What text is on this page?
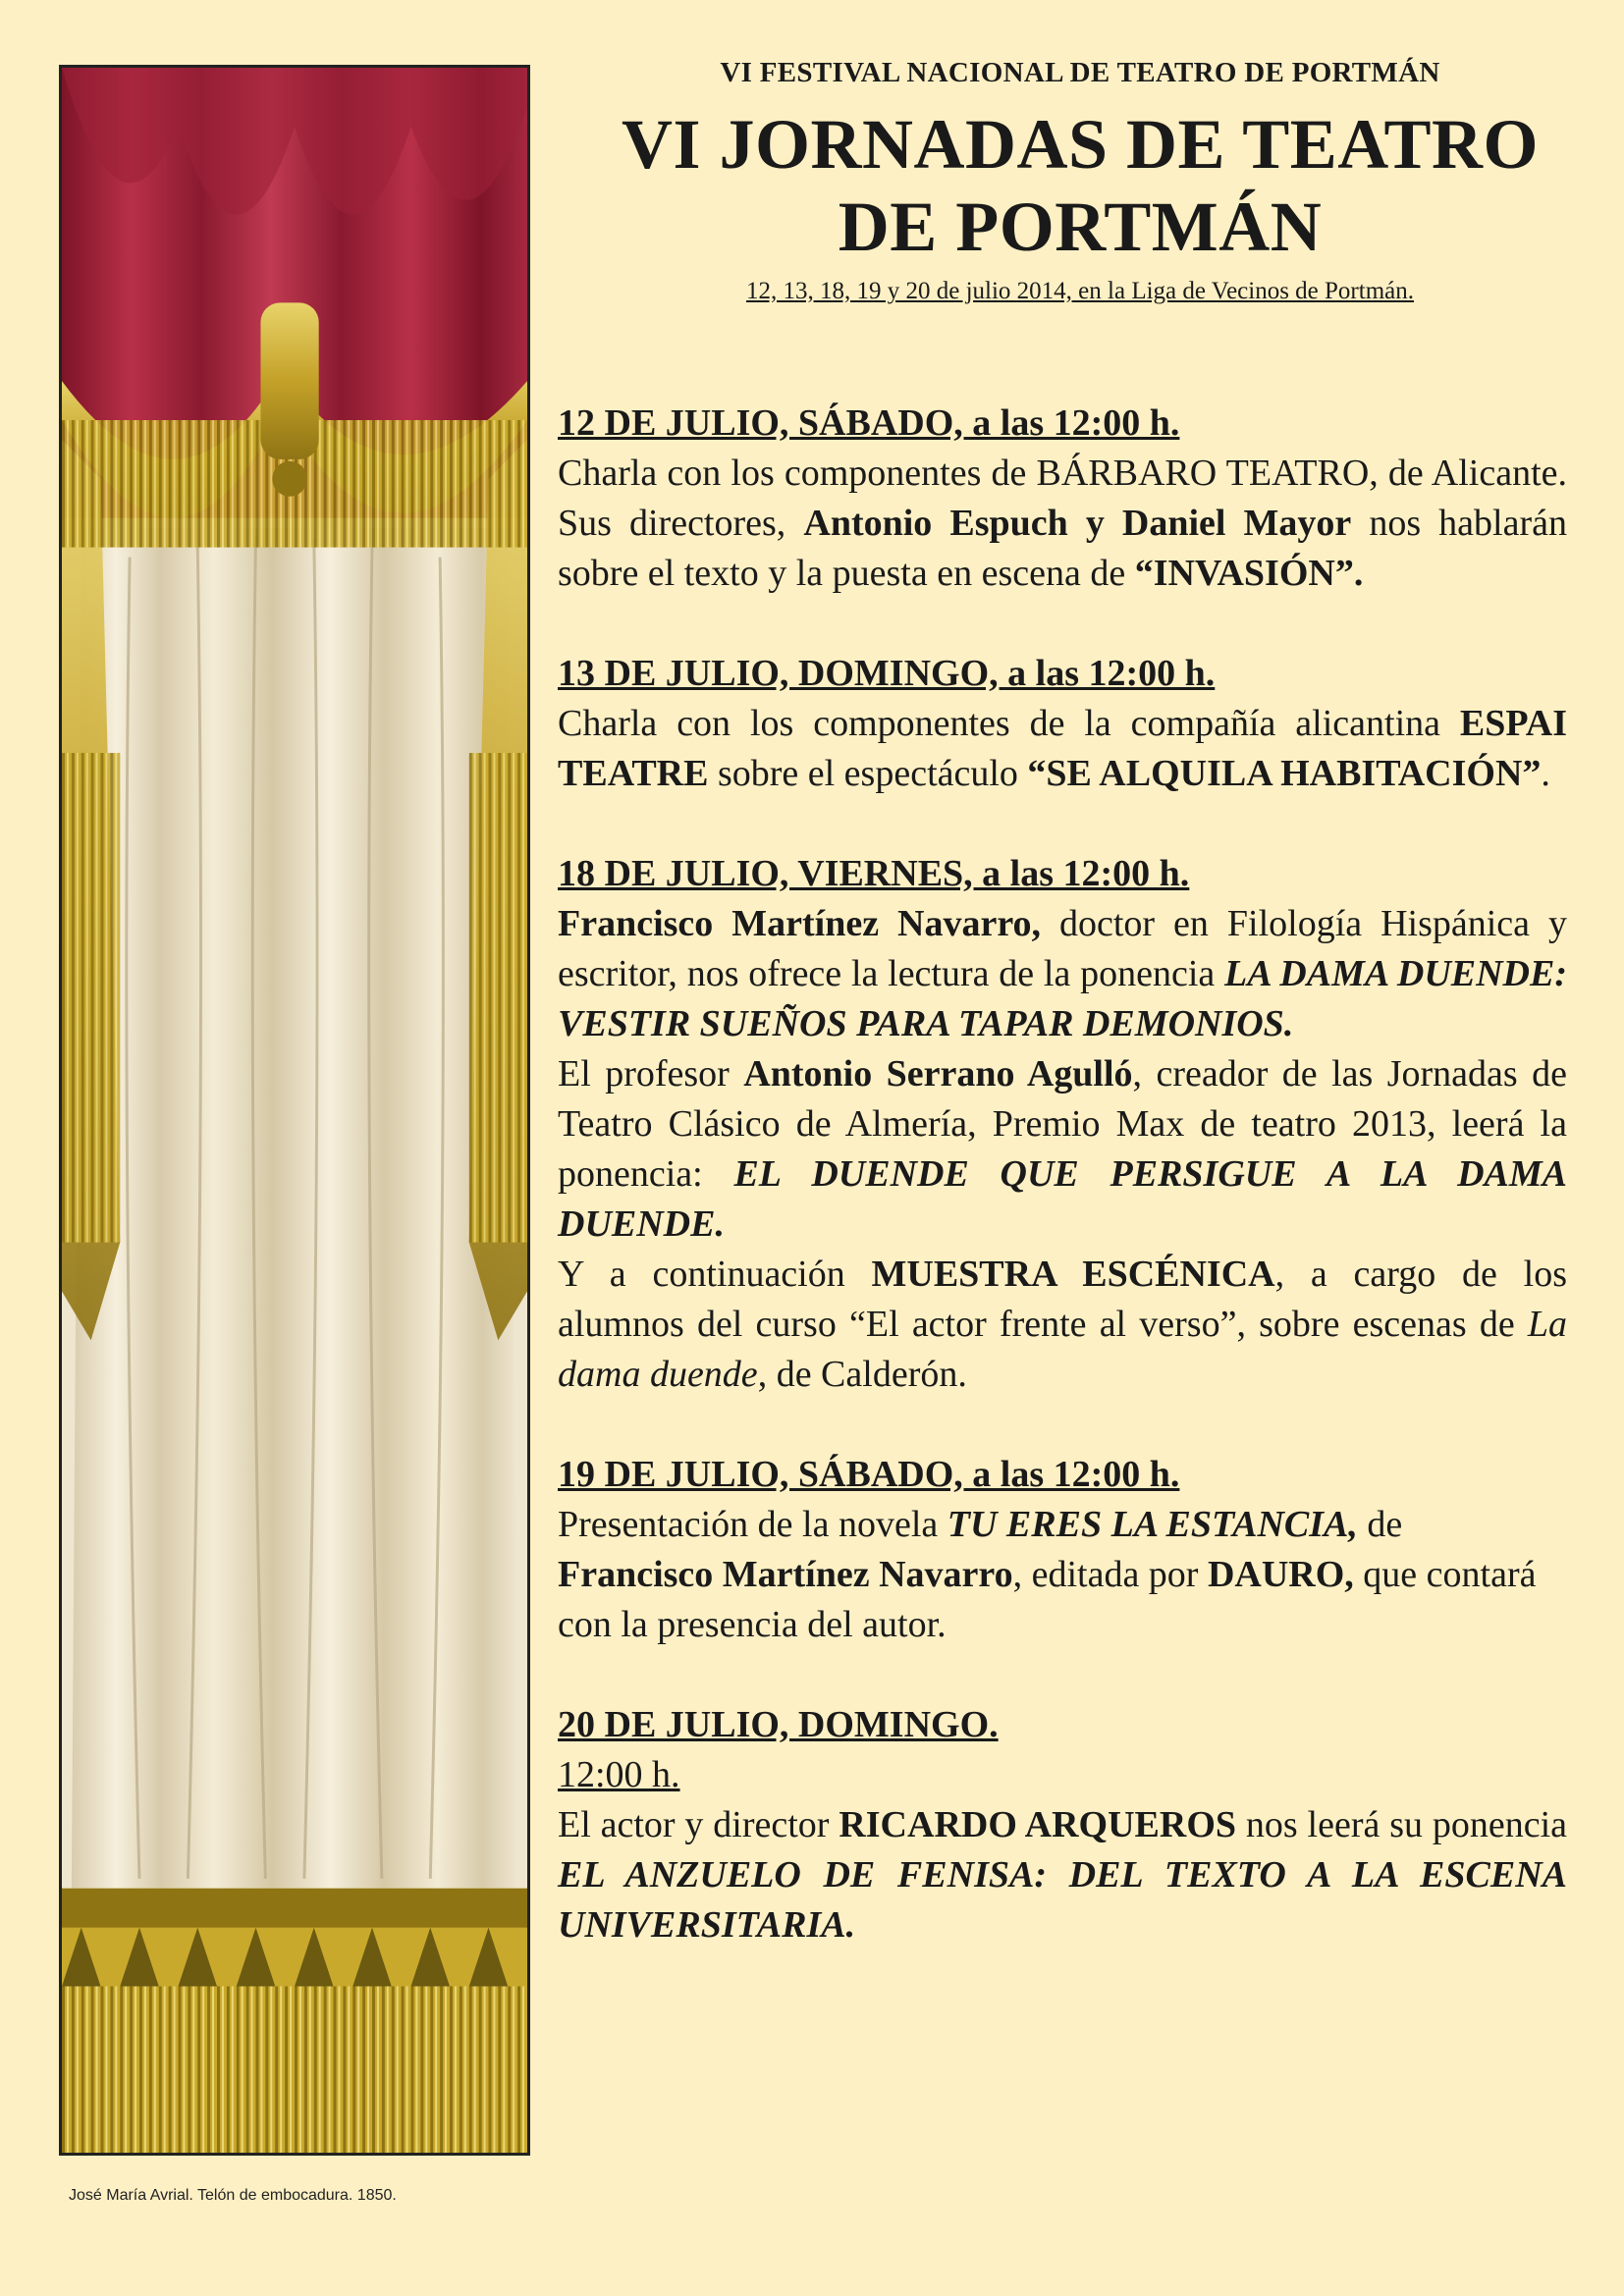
José María Avrial. Telón de embocadura. 1850.
VI FESTIVAL NACIONAL DE TEATRO DE PORTMÁN
VI JORNADAS DE TEATRO
DE PORTMÁN
12, 13, 18, 19 y 20 de julio 2014, en la Liga de Vecinos de Portmán.
12 DE JULIO, SÁBADO, a las 12:00 h.
Charla con los componentes de BÁRBARO TEATRO, de Alicante. Sus directores, Antonio Espuch y Daniel Mayor nos hablarán sobre el texto y la puesta en escena de “INVASIÓN”.
13 DE JULIO, DOMINGO, a las 12:00 h.
Charla con los componentes de la compañía alicantina ESPAI TEATRE sobre el espectáculo “SE ALQUILA HABITACIÓN”.
18 DE JULIO, VIERNES, a las 12:00 h.
Francisco Martínez Navarro, doctor en Filología Hispánica y escritor, nos ofrece la lectura de la ponencia LA DAMA DUENDE: VESTIR SUEÑOS PARA TAPAR DEMONIOS.
El profesor Antonio Serrano Agulló, creador de las Jornadas de Teatro Clásico de Almería, Premio Max de teatro 2013, leerá la ponencia: EL DUENDE QUE PERSIGUE A LA DAMA DUENDE.
Y a continuación MUESTRA ESCÉNICA, a cargo de los alumnos del curso “El actor frente al verso”, sobre escenas de La dama duende, de Calderón.
19 DE JULIO, SÁBADO, a las 12:00 h.
Presentación de la novela TU ERES LA ESTANCIA, de Francisco Martínez Navarro, editada por DAURO, que contará con la presencia del autor.
20 DE JULIO, DOMINGO.
12:00 h.
El actor y director RICARDO ARQUEROS nos leerá su ponencia EL ANZUELO DE FENISA: DEL TEXTO A LA ESCENA UNIVERSITARIA.
